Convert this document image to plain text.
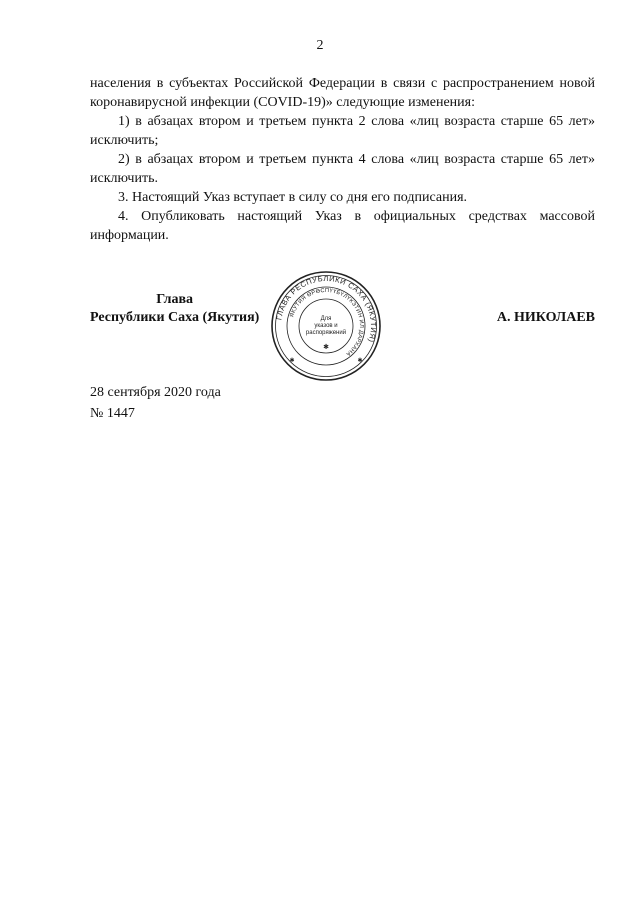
2

населения в субъектах Российской Федерации в связи с распространением новой коронавирусной инфекции (COVID-19)» следующие изменения:

1) в абзацах втором и третьем пункта 2 слова «лиц возраста старше 65 лет» исключить;

2) в абзацах втором и третьем пункта 4 слова «лиц возраста старше 65 лет» исключить.

3. Настоящий Указ вступает в силу со дня его подписания.

4. Опубликовать настоящий Указ в официальных средствах массовой информации.

Глава
Республики Саха (Якутия) ГЛАВА РЕСПУБЛИКИ САХА (ЯКУТИЯ)
ЯКУТИЯ ӨРӨСПҮҮБҮЛҮКЭТИН ИЛ ДАРХАНА
Для
указов и
распоряжений
✱
✱	✱
А. НИКОЛАЕВ
28 сентября 2020 года
№ 1447
